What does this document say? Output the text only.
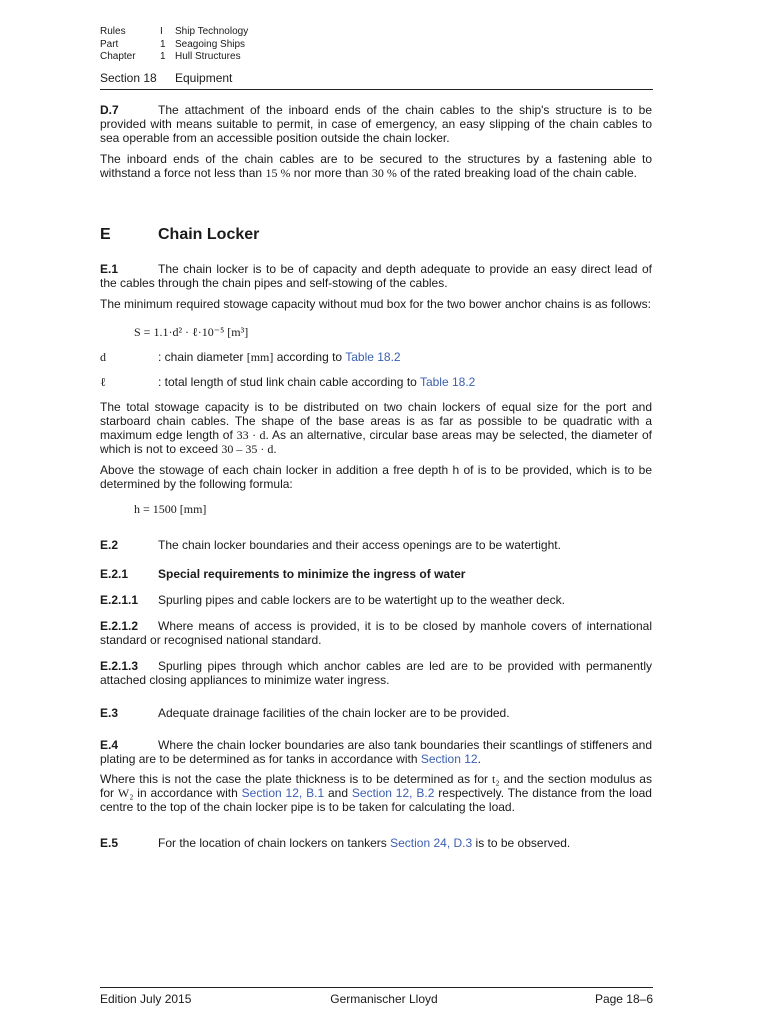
Rules	I	Ship Technology
Part	1	Seagoing Ships
Chapter	1	Hull Structures
Section 18 Equipment
D.7	The attachment of the inboard ends of the chain cables to the ship's structure is to be provided with means suitable to permit, in case of emergency, an easy slipping of the chain cables to sea operable from an accessible position outside the chain locker.
The inboard ends of the chain cables are to be secured to the structures by a fastening able to withstand a force not less than 15 % nor more than 30 % of the rated breaking load of the chain cable.
E	Chain Locker
E.1	The chain locker is to be of capacity and depth adequate to provide an easy direct lead of the cables through the chain pipes and self-stowing of the cables.
The minimum required stowage capacity without mud box for the two bower anchor chains is as follows:
S = 1.1·d² · ℓ·10⁻⁵ [m³]
d	: chain diameter [mm] according to Table 18.2
ℓ	: total length of stud link chain cable according to Table 18.2
The total stowage capacity is to be distributed on two chain lockers of equal size for the port and starboard chain cables. The shape of the base areas is as far as possible to be quadratic with a maximum edge length of 33 · d. As an alternative, circular base areas may be selected, the diameter of which is not to exceed 30 – 35 · d.
Above the stowage of each chain locker in addition a free depth h of is to be provided, which is to be determined by the following formula:
h = 1500 [mm]
E.2	The chain locker boundaries and their access openings are to be watertight.
E.2.1 Special requirements to minimize the ingress of water
E.2.1.1 Spurling pipes and cable lockers are to be watertight up to the weather deck.
E.2.1.2 Where means of access is provided, it is to be closed by manhole covers of international standard or recognised national standard.
E.2.1.3 Spurling pipes through which anchor cables are led are to be provided with permanently attached closing appliances to minimize water ingress.
E.3	Adequate drainage facilities of the chain locker are to be provided.
E.4	Where the chain locker boundaries are also tank boundaries their scantlings of stiffeners and plating are to be determined as for tanks in accordance with Section 12.
Where this is not the case the plate thickness is to be determined as for t₂ and the section modulus as for W₂ in accordance with Section 12, B.1 and Section 12, B.2 respectively. The distance from the load centre to the top of the chain locker pipe is to be taken for calculating the load.
E.5	For the location of chain lockers on tankers Section 24, D.3 is to be observed.
Edition July 2015	Germanischer Lloyd	Page 18–6
